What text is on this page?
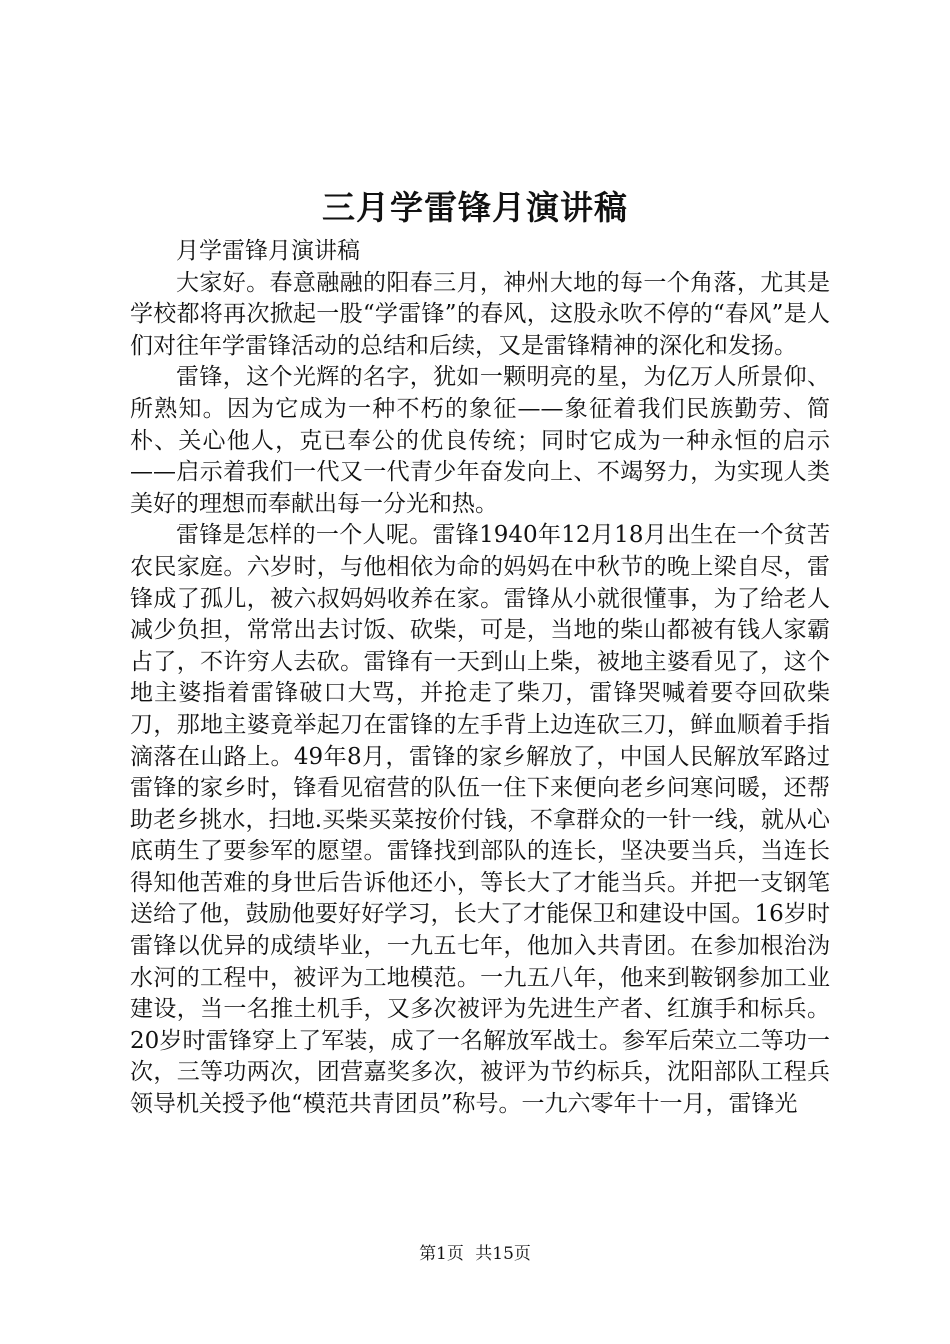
三月学雷锋月演讲稿

月学雷锋月演讲稿

大家好。春意融融的阳春三月，神州大地的每一个角落，尤其是学校都将再次掀起一股“学雷锋”的春风，这股永吹不停的“春风”是人们对往年学雷锋活动的总结和后续，又是雷锋精神的深化和发扬。

雷锋，这个光辉的名字，犹如一颗明亮的星，为亿万人所景仰、所熟知。因为它成为一种不朽的象征——象征着我们民族勤劳、简朴、关心他人，克已奉公的优良传统；同时它成为一种永恒的启示——启示着我们一代又一代青少年奋发向上、不竭努力，为实现人类美好的理想而奉献出每一分光和热。

雷锋是怎样的一个人呢。雷锋1940年12月18月出生在一个贫苦农民家庭。六岁时，与他相依为命的妈妈在中秋节的晚上梁自尽，雷锋成了孤儿，被六叔妈妈收养在家。雷锋从小就很懂事，为了给老人减少负担，常常出去讨饭、砍柴，可是，当地的柴山都被有钱人家霸占了，不许穷人去砍。雷锋有一天到山上柴，被地主婆看见了，这个地主婆指着雷锋破口大骂，并抢走了柴刀，雷锋哭喊着要夺回砍柴刀，那地主婆竟举起刀在雷锋的左手背上边连砍三刀，鲜血顺着手指滴落在山路上。49年8月，雷锋的家乡解放了，中国人民解放军路过雷锋的家乡时，锋看见宿营的队伍一住下来便向老乡问寒问暖，还帮助老乡挑水，扫地.买柴买菜按价付钱，不拿群众的一针一线，就从心底萌生了要参军的愿望。雷锋找到部队的连长，坚决要当兵，当连长得知他苦难的身世后告诉他还小，等长大了才能当兵。并把一支钢笔送给了他，鼓励他要好好学习，长大了才能保卫和建设中国。16岁时雷锋以优异的成绩毕业，一九五七年，他加入共青团。在参加根治沩水河的工程中，被评为工地模范。一九五八年，他来到鞍钢参加工业建设，当一名推土机手，又多次被评为先进生产者、红旗手和标兵。20岁时雷锋穿上了军装，成了一名解放军战士。参军后荣立二等功一次，三等功两次，团营嘉奖多次，被评为节约标兵，沈阳部队工程兵领导机关授予他“模范共青团员”称号。一九六零年十一月，雷锋光

第1页 共15页
